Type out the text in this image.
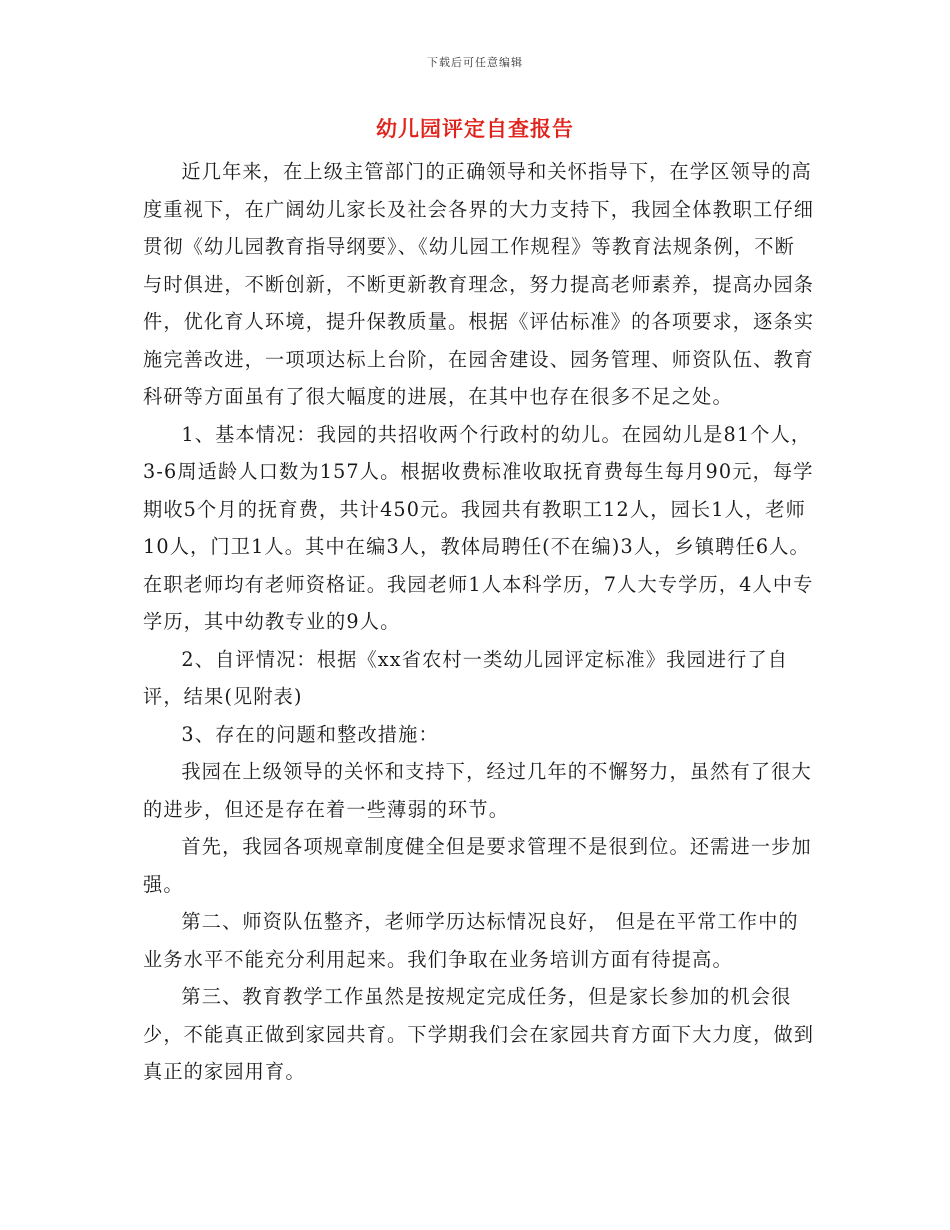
下载后可任意编辑
幼儿园评定自查报告

近几年来，在上级主管部门的正确领导和关怀指导下，在学区领导的高度重视下，在广阔幼儿家长及社会各界的大力支持下，我园全体教职工仔细贯彻《幼儿园教育指导纲要》、《幼儿园工作规程》等教育法规条例，不断与时俱进，不断创新，不断更新教育理念，努力提高老师素养，提高办园条件，优化育人环境，提升保教质量。根据《评估标准》的各项要求，逐条实施完善改进，一项项达标上台阶，在园舍建设、园务管理、师资队伍、教育科研等方面虽有了很大幅度的进展，在其中也存在很多不足之处。

1、基本情况：我园的共招收两个行政村的幼儿。在园幼儿是81个人，3-6周适龄人口数为157人。根据收费标准收取抚育费每生每月90元，每学期收5个月的抚育费，共计450元。我园共有教职工12人，园长1人，老师10人，门卫1人。其中在编3人，教体局聘任(不在编)3人，乡镇聘任6人。在职老师均有老师资格证。我园老师1人本科学历，7人大专学历，4人中专学历，其中幼教专业的9人。

2、自评情况：根据《xx省农村一类幼儿园评定标准》我园进行了自评，结果(见附表)

3、存在的问题和整改措施：

我园在上级领导的关怀和支持下，经过几年的不懈努力，虽然有了很大的进步，但还是存在着一些薄弱的环节。

首先，我园各项规章制度健全但是要求管理不是很到位。还需进一步加强。

第二、师资队伍整齐，老师学历达标情况良好， 但是在平常工作中的业务水平不能充分利用起来。我们争取在业务培训方面有待提高。

第三、教育教学工作虽然是按规定完成任务，但是家长参加的机会很少，不能真正做到家园共育。下学期我们会在家园共育方面下大力度，做到真正的家园用育。
